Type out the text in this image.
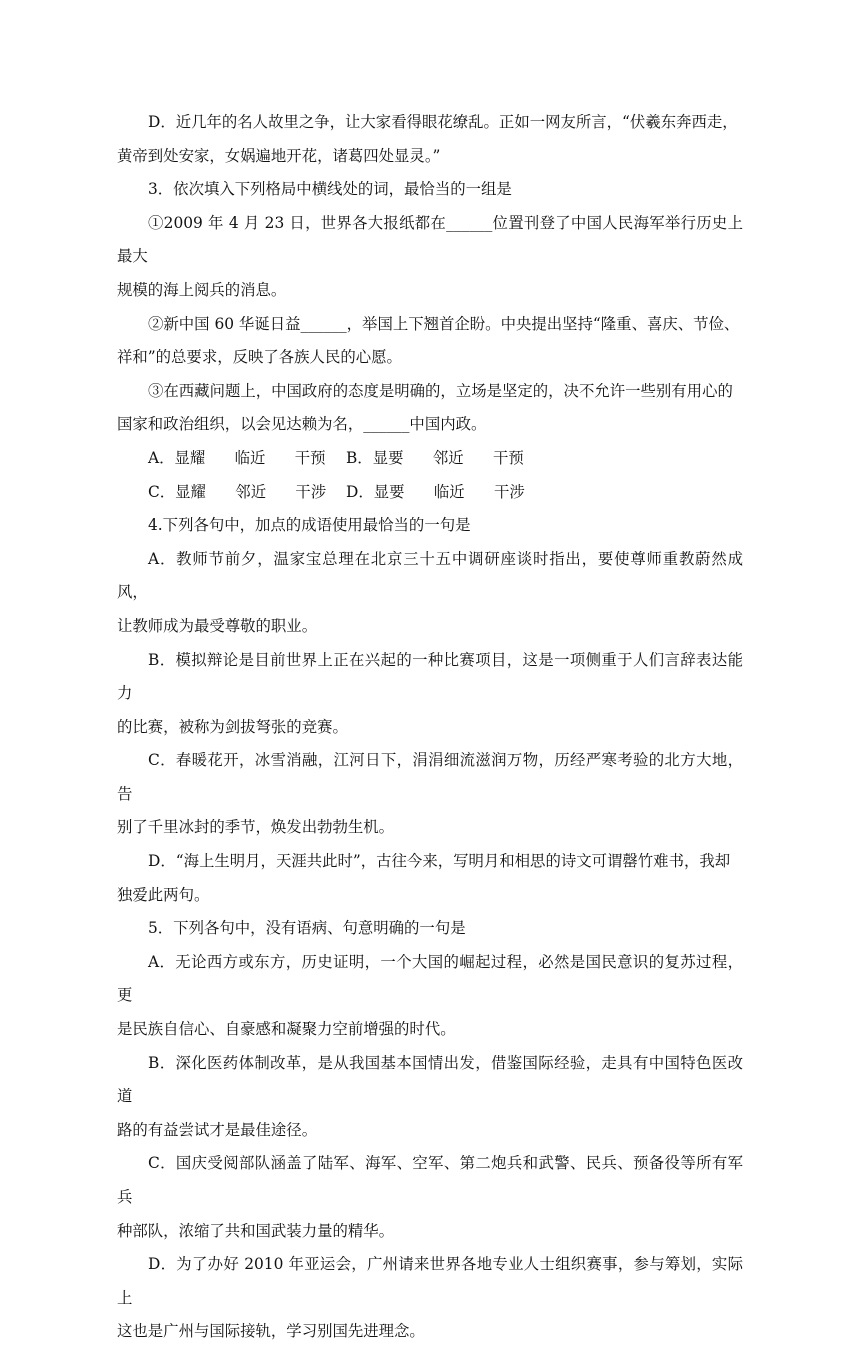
D．近几年的名人故里之争，让大家看得眼花缭乱。正如一网友所言，“伏羲东奔西走，

黄帝到处安家，女娲遍地开花，诸葛四处显灵。”

3．依次填入下列格局中横线处的词，最恰当的一组是

①2009 年 4 月 23 日，世界各大报纸都在______位置刊登了中国人民海军举行历史上最大

规模的海上阅兵的消息。

②新中国 60 华诞日益______，举国上下翘首企盼。中央提出坚持“隆重、喜庆、节俭、

祥和”的总要求，反映了各族人民的心愿。

③在西藏问题上，中国政府的态度是明确的，立场是坚定的，决不允许一些别有用心的

国家和政治组织，以会见达赖为名，______中国内政。

A．显耀      临近      干预	B．显要      邻近      干预
C．显耀      邻近      干涉	D．显要      临近      干涉

4.下列各句中，加点的成语使用最恰当的一句是

A．教师节前夕，温家宝总理在北京三十五中调研座谈时指出，要使尊师重教蔚然成风，

让教师成为最受尊敬的职业。

B．模拟辩论是目前世界上正在兴起的一种比赛项目，这是一项侧重于人们言辞表达能力

的比赛，被称为剑拔弩张的竞赛。

C．春暖花开，冰雪消融，江河日下，涓涓细流滋润万物，历经严寒考验的北方大地，告

别了千里冰封的季节，焕发出勃勃生机。

D．“海上生明月，天涯共此时”，古往今来，写明月和相思的诗文可谓罄竹难书，我却

独爱此两句。

5．下列各句中，没有语病、句意明确的一句是

A．无论西方或东方，历史证明，一个大国的崛起过程，必然是国民意识的复苏过程，更

是民族自信心、自豪感和凝聚力空前增强的时代。

B．深化医药体制改革，是从我国基本国情出发，借鉴国际经验，走具有中国特色医改道

路的有益尝试才是最佳途径。

C．国庆受阅部队涵盖了陆军、海军、空军、第二炮兵和武警、民兵、预备役等所有军兵

种部队，浓缩了共和国武装力量的精华。

D．为了办好 2010 年亚运会，广州请来世界各地专业人士组织赛事，参与筹划，实际上

这也是广州与国际接轨，学习别国先进理念。
